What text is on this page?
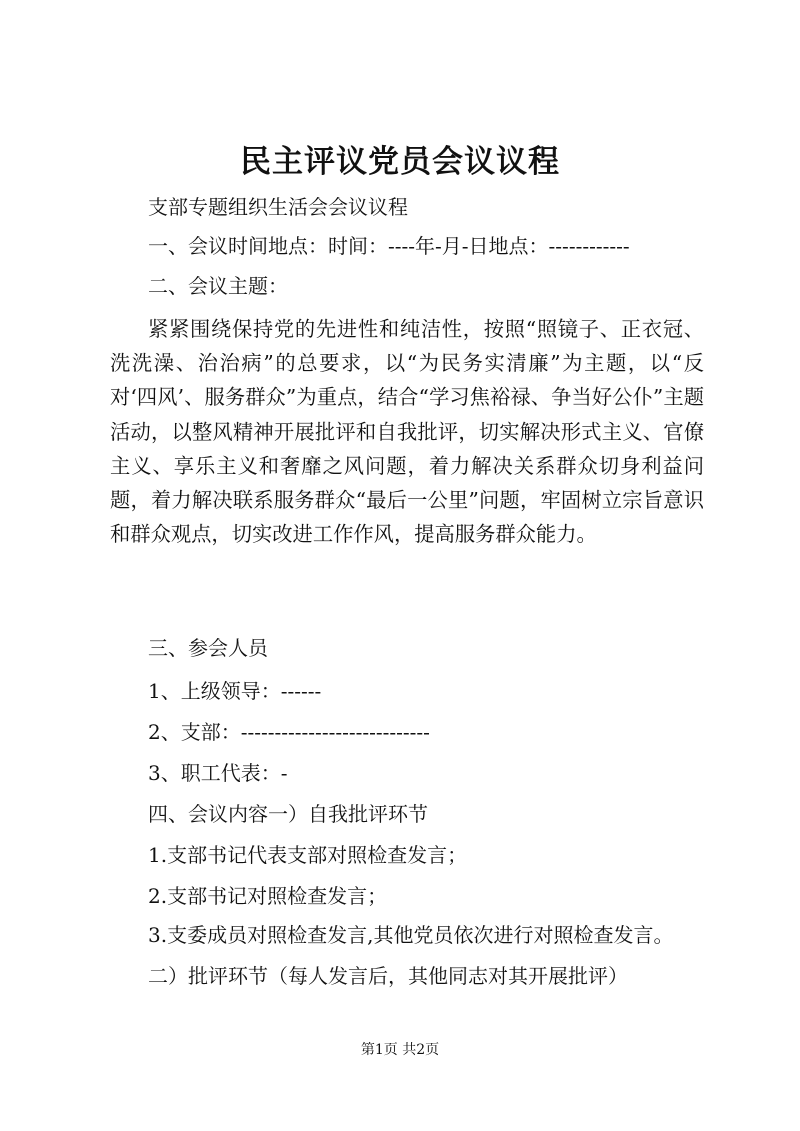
民主评议党员会议议程
支部专题组织生活会会议议程
一、会议时间地点：时间：----年-月-日地点：------------
二、会议主题：
紧紧围绕保持党的先进性和纯洁性，按照“照镜子、正衣冠、洗洗澡、治治病”的总要求，以“为民务实清廉”为主题，以“反对‘四风’、服务群众”为重点，结合“学习焦裕禄、争当好公仆”主题活动，以整风精神开展批评和自我批评，切实解决形式主义、官僚主义、享乐主义和奢靡之风问题，着力解决关系群众切身利益问题，着力解决联系服务群众“最后一公里”问题，牢固树立宗旨意识和群众观点，切实改进工作作风，提高服务群众能力。
三、参会人员
1、上级领导：------
2、支部：----------------------------
3、职工代表：-
四、会议内容一）自我批评环节
1.支部书记代表支部对照检查发言；
2.支部书记对照检查发言；
3.支委成员对照检查发言,其他党员依次进行对照检查发言。
二）批评环节（每人发言后，其他同志对其开展批评）
第1页 共2页
